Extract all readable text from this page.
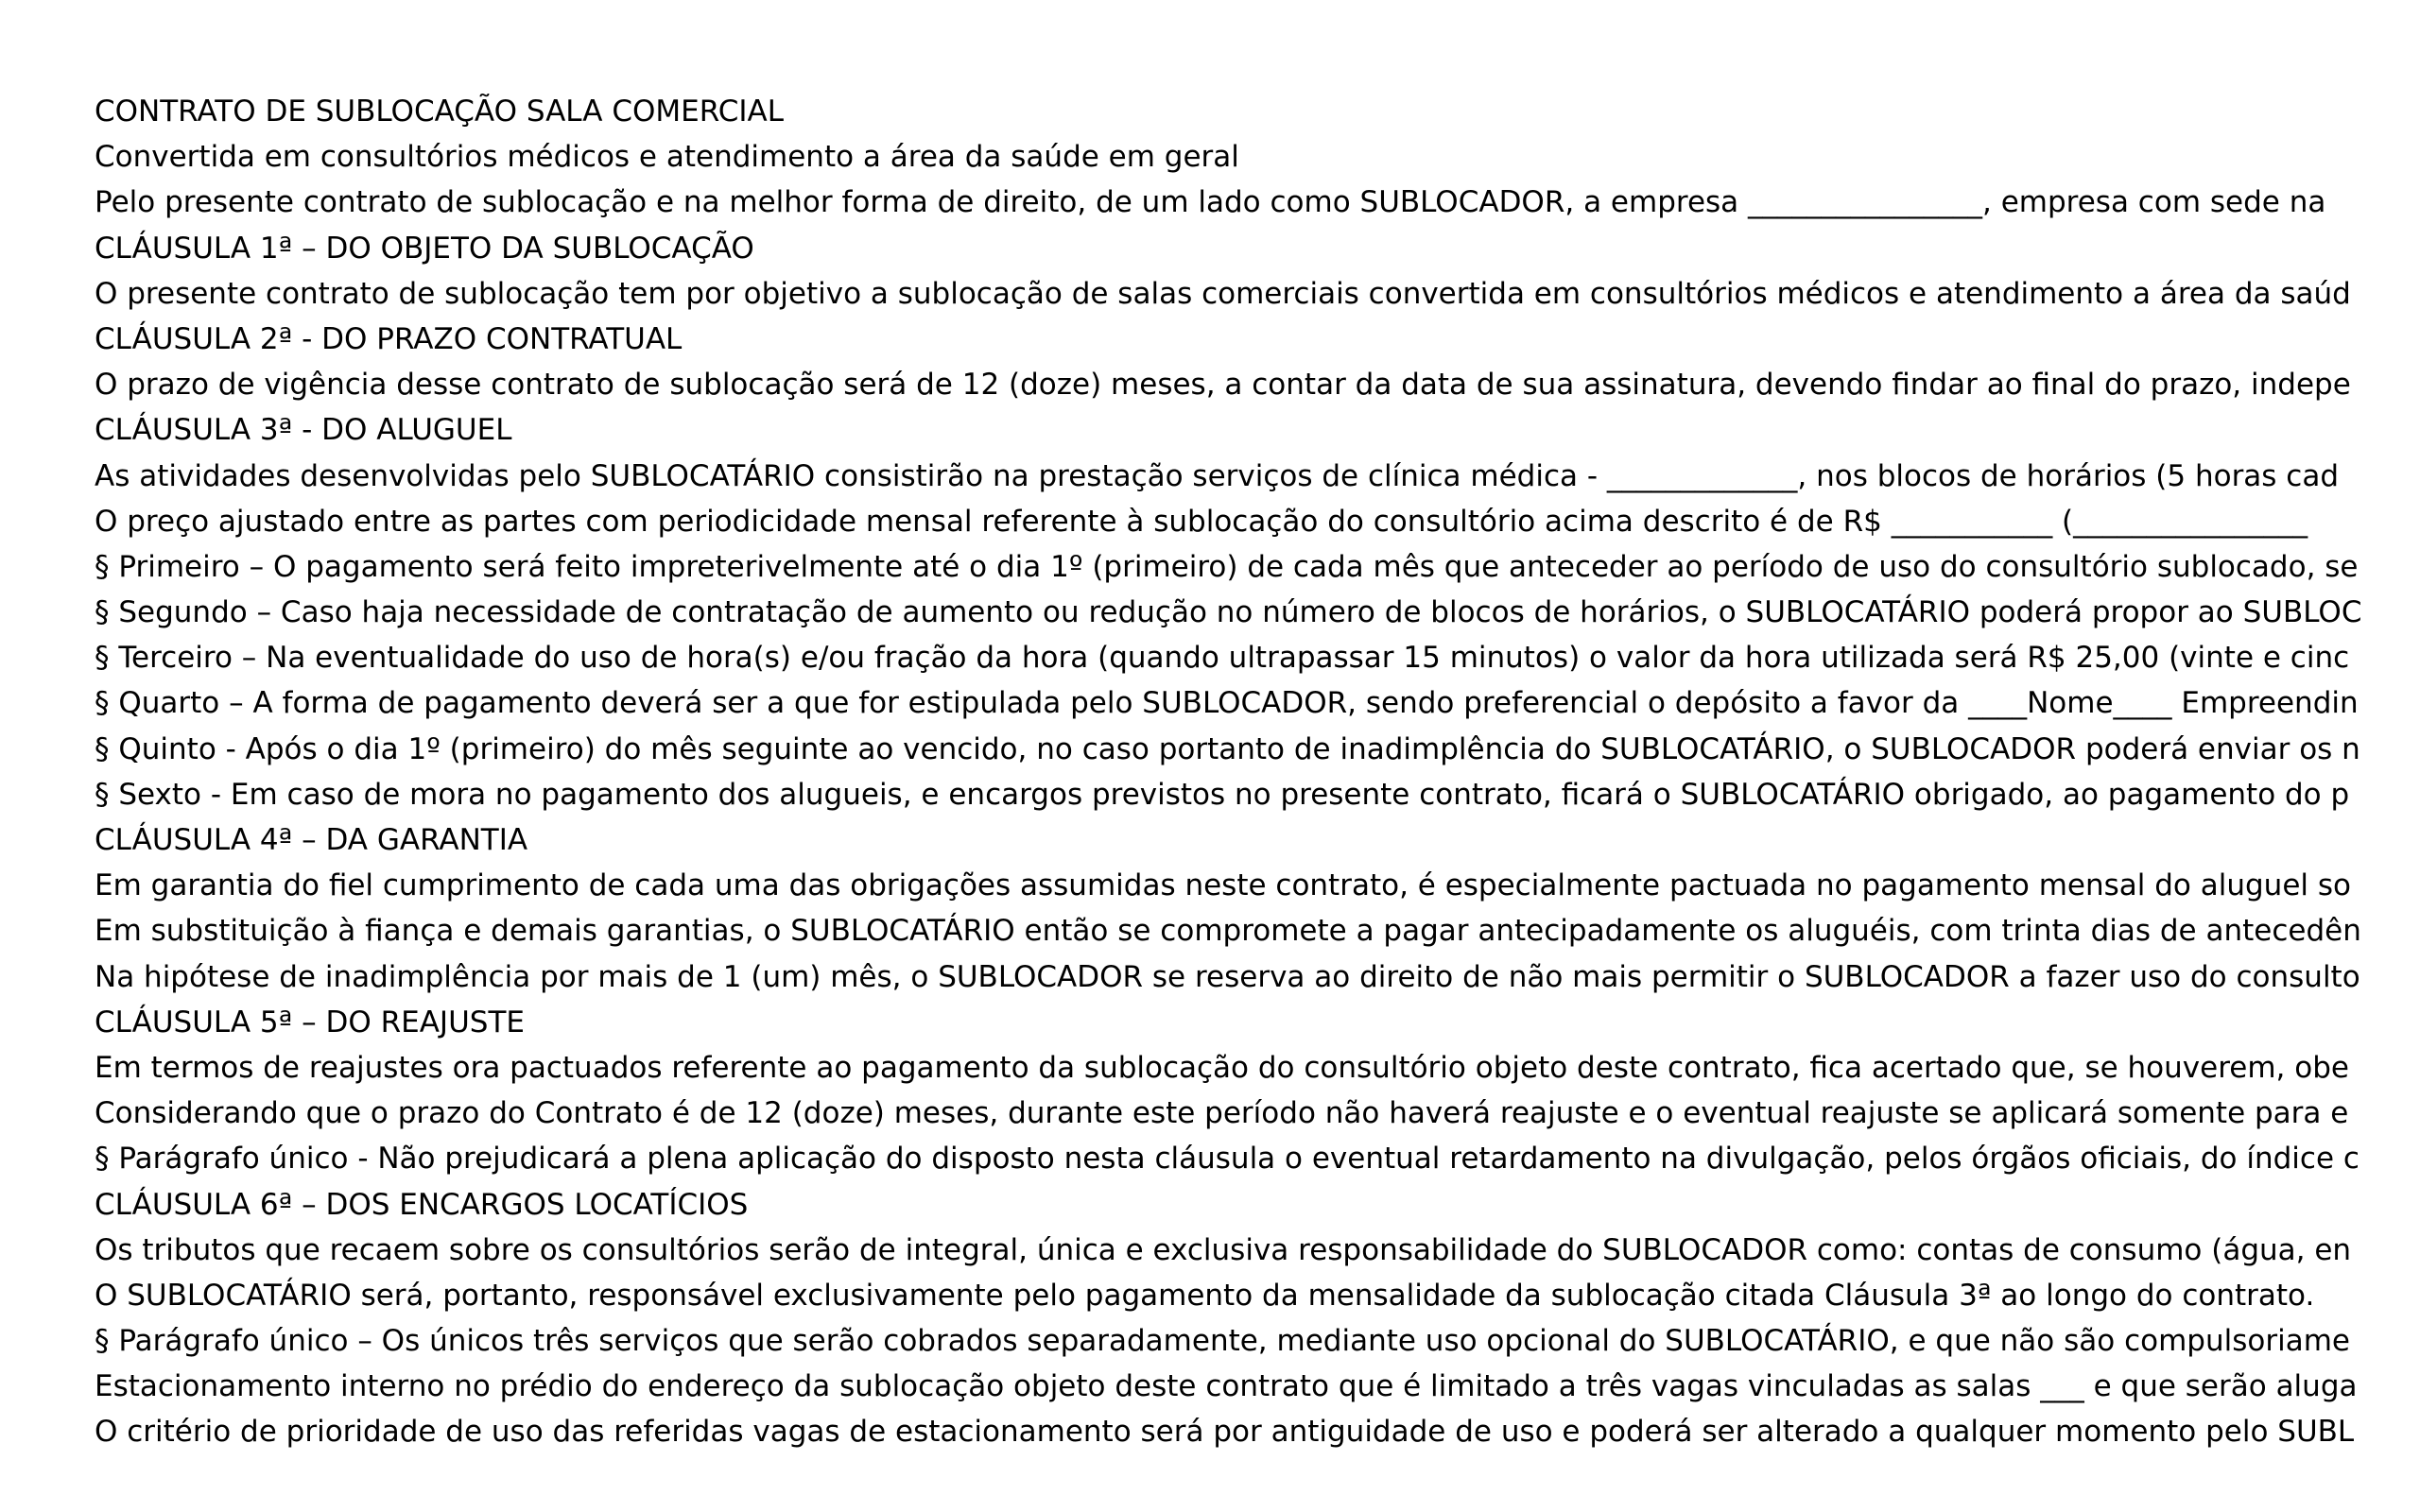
CONTRATO DE SUBLOCAÇÃO SALA COMERCIAL
Convertida em consultórios médicos e atendimento a área da saúde em geral
Pelo presente contrato de sublocação e na melhor forma de direito, de um lado como SUBLOCADOR, a empresa ________________, empresa com sede na
CLÁUSULA 1ª – DO OBJETO DA SUBLOCAÇÃO
O presente contrato de sublocação tem por objetivo a sublocação de salas comerciais convertida em consultórios médicos e atendimento a área da saúd
CLÁUSULA 2ª - DO PRAZO CONTRATUAL
O prazo de vigência desse contrato de sublocação será de 12 (doze) meses, a contar da data de sua assinatura, devendo findar ao final do prazo, indepe
CLÁUSULA 3ª - DO ALUGUEL
As atividades desenvolvidas pelo SUBLOCATÁRIO consistirão na prestação serviços de clínica médica - _____________, nos blocos de horários (5 horas cad
O preço ajustado entre as partes com periodicidade mensal referente à sublocação do consultório acima descrito é de R$ ___________ (________________
§ Primeiro – O pagamento será feito impreterivelmente até o dia 1º (primeiro) de cada mês que anteceder ao período de uso do consultório sublocado, se
§ Segundo – Caso haja necessidade de contratação de aumento ou redução no número de blocos de horários, o SUBLOCATÁRIO poderá propor ao SUBLOC
§ Terceiro – Na eventualidade do uso de hora(s) e/ou fração da hora (quando ultrapassar 15 minutos) o valor da hora utilizada será R$ 25,00 (vinte e cinc
§ Quarto – A forma de pagamento deverá ser a que for estipulada pelo SUBLOCADOR, sendo preferencial o depósito a favor da ____Nome____ Empreendin
§ Quinto - Após o dia 1º (primeiro) do mês seguinte ao vencido, no caso portanto de inadimplência do SUBLOCATÁRIO, o SUBLOCADOR poderá enviar os n
§ Sexto - Em caso de mora no pagamento dos alugueis, e encargos previstos no presente contrato, ficará o SUBLOCATÁRIO obrigado, ao pagamento do p
CLÁUSULA 4ª – DA GARANTIA
Em garantia do fiel cumprimento de cada uma das obrigações assumidas neste contrato, é especialmente pactuada no pagamento mensal do aluguel so
Em substituição à fiança e demais garantias, o SUBLOCATÁRIO então se compromete a pagar antecipadamente os aluguéis, com trinta dias de antecedên
Na hipótese de inadimplência por mais de 1 (um) mês, o SUBLOCADOR se reserva ao direito de não mais permitir o SUBLOCADOR a fazer uso do consulto
CLÁUSULA 5ª – DO REAJUSTE
Em termos de reajustes ora pactuados referente ao pagamento da sublocação do consultório objeto deste contrato, fica acertado que, se houverem, obe
Considerando que o prazo do Contrato é de 12 (doze) meses, durante este período não haverá reajuste e o eventual reajuste se aplicará somente para e
§ Parágrafo único - Não prejudicará a plena aplicação do disposto nesta cláusula o eventual retardamento na divulgação, pelos órgãos oficiais, do índice c
CLÁUSULA 6ª – DOS ENCARGOS LOCATÍCIOS
Os tributos que recaem sobre os consultórios serão de integral, única e exclusiva responsabilidade do SUBLOCADOR como: contas de consumo (água, en
O SUBLOCATÁRIO será, portanto, responsável exclusivamente pelo pagamento da mensalidade da sublocação citada Cláusula 3ª ao longo do contrato.
§ Parágrafo único – Os únicos três serviços que serão cobrados separadamente, mediante uso opcional do SUBLOCATÁRIO, e que não são compulsoriame
Estacionamento interno no prédio do endereço da sublocação objeto deste contrato que é limitado a três vagas vinculadas as salas ___ e que serão aluga
O critério de prioridade de uso das referidas vagas de estacionamento será por antiguidade de uso e poderá ser alterado a qualquer momento pelo SUBL
